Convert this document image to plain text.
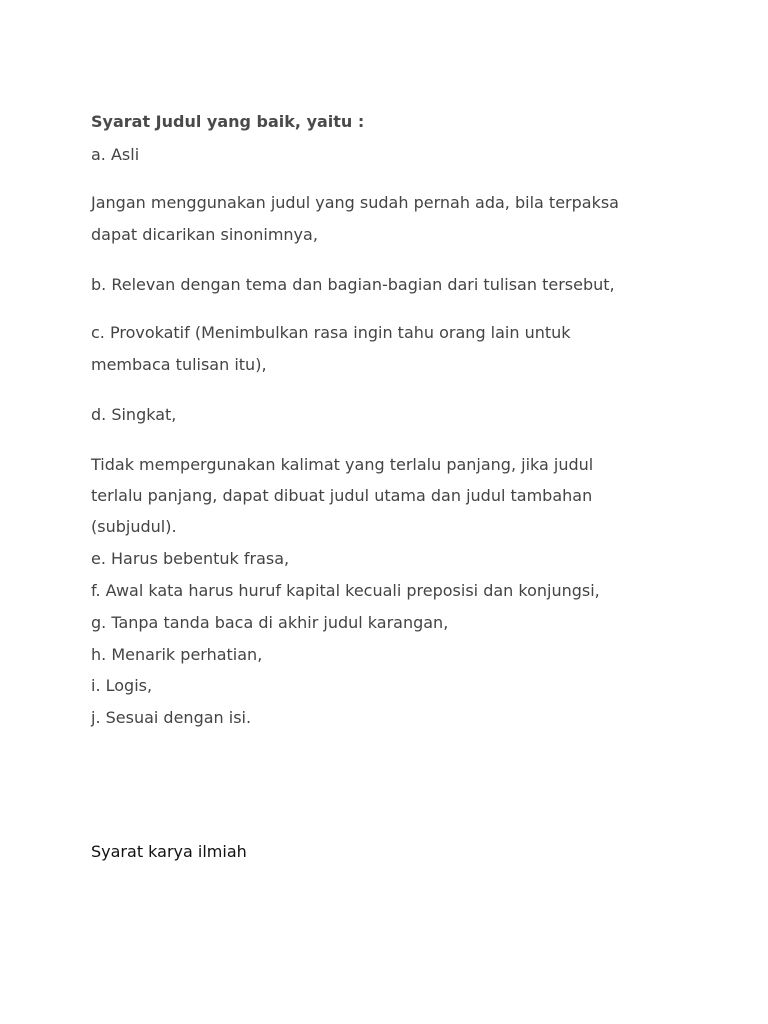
Syarat Judul yang baik, yaitu :

a. Asli

Jangan menggunakan judul yang sudah pernah ada, bila terpaksa

dapat dicarikan sinonimnya,

b. Relevan dengan tema dan bagian-bagian dari tulisan tersebut,

c. Provokatif (Menimbulkan rasa ingin tahu orang lain untuk

membaca tulisan itu),

d. Singkat,

Tidak mempergunakan kalimat yang terlalu panjang, jika judul

terlalu panjang, dapat dibuat judul utama dan judul tambahan

(subjudul).

e. Harus bebentuk frasa,

f. Awal kata harus huruf kapital kecuali preposisi dan konjungsi,

g. Tanpa tanda baca di akhir judul karangan,

h. Menarik perhatian,

i. Logis,

j. Sesuai dengan isi.

Syarat karya ilmiah
